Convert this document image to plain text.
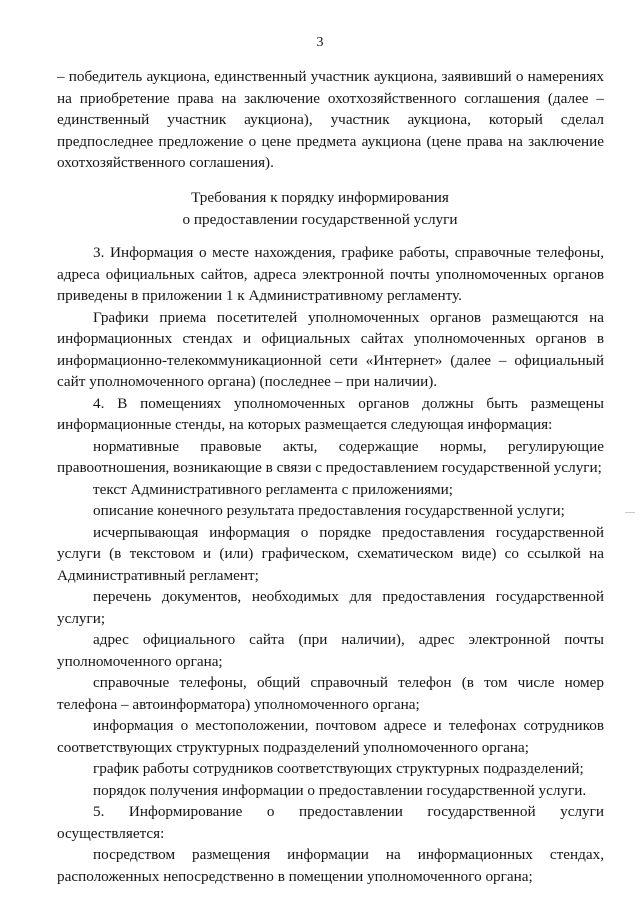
3

– победитель аукциона, единственный участник аукциона, заявивший о намерениях на приобретение права на заключение охотхозяйственного соглашения (далее – единственный участник аукциона), участник аукциона, который сделал предпоследнее предложение о цене предмета аукциона (цене права на заключение охотхозяйственного соглашения).

Требования к порядку информирования
о предоставлении государственной услуги

3. Информация о месте нахождения, графике работы, справочные телефоны, адреса официальных сайтов, адреса электронной почты уполномоченных органов приведены в приложении 1 к Административному регламенту.

Графики приема посетителей уполномоченных органов размещаются на информационных стендах и официальных сайтах уполномоченных органов в информационно-телекоммуникационной сети «Интернет» (далее – официальный сайт уполномоченного органа) (последнее – при наличии).

4. В помещениях уполномоченных органов должны быть размещены информационные стенды, на которых размещается следующая информация:

нормативные правовые акты, содержащие нормы, регулирующие правоотношения, возникающие в связи с предоставлением государственной услуги;

текст Административного регламента с приложениями;

описание конечного результата предоставления государственной услуги;

исчерпывающая информация о порядке предоставления государственной услуги (в текстовом и (или) графическом, схематическом виде) со ссылкой на Административный регламент;

перечень документов, необходимых для предоставления государственной услуги;

адрес официального сайта (при наличии), адрес электронной почты уполномоченного органа;

справочные телефоны, общий справочный телефон (в том числе номер телефона – автоинформатора) уполномоченного органа;

информация о местоположении, почтовом адресе и телефонах сотрудников соответствующих структурных подразделений уполномоченного органа;

график работы сотрудников соответствующих структурных подразделений;

порядок получения информации о предоставлении государственной услуги.

5. Информирование о предоставлении государственной услуги осуществляется:

посредством размещения информации на информационных стендах, расположенных непосредственно в помещении уполномоченного органа;
